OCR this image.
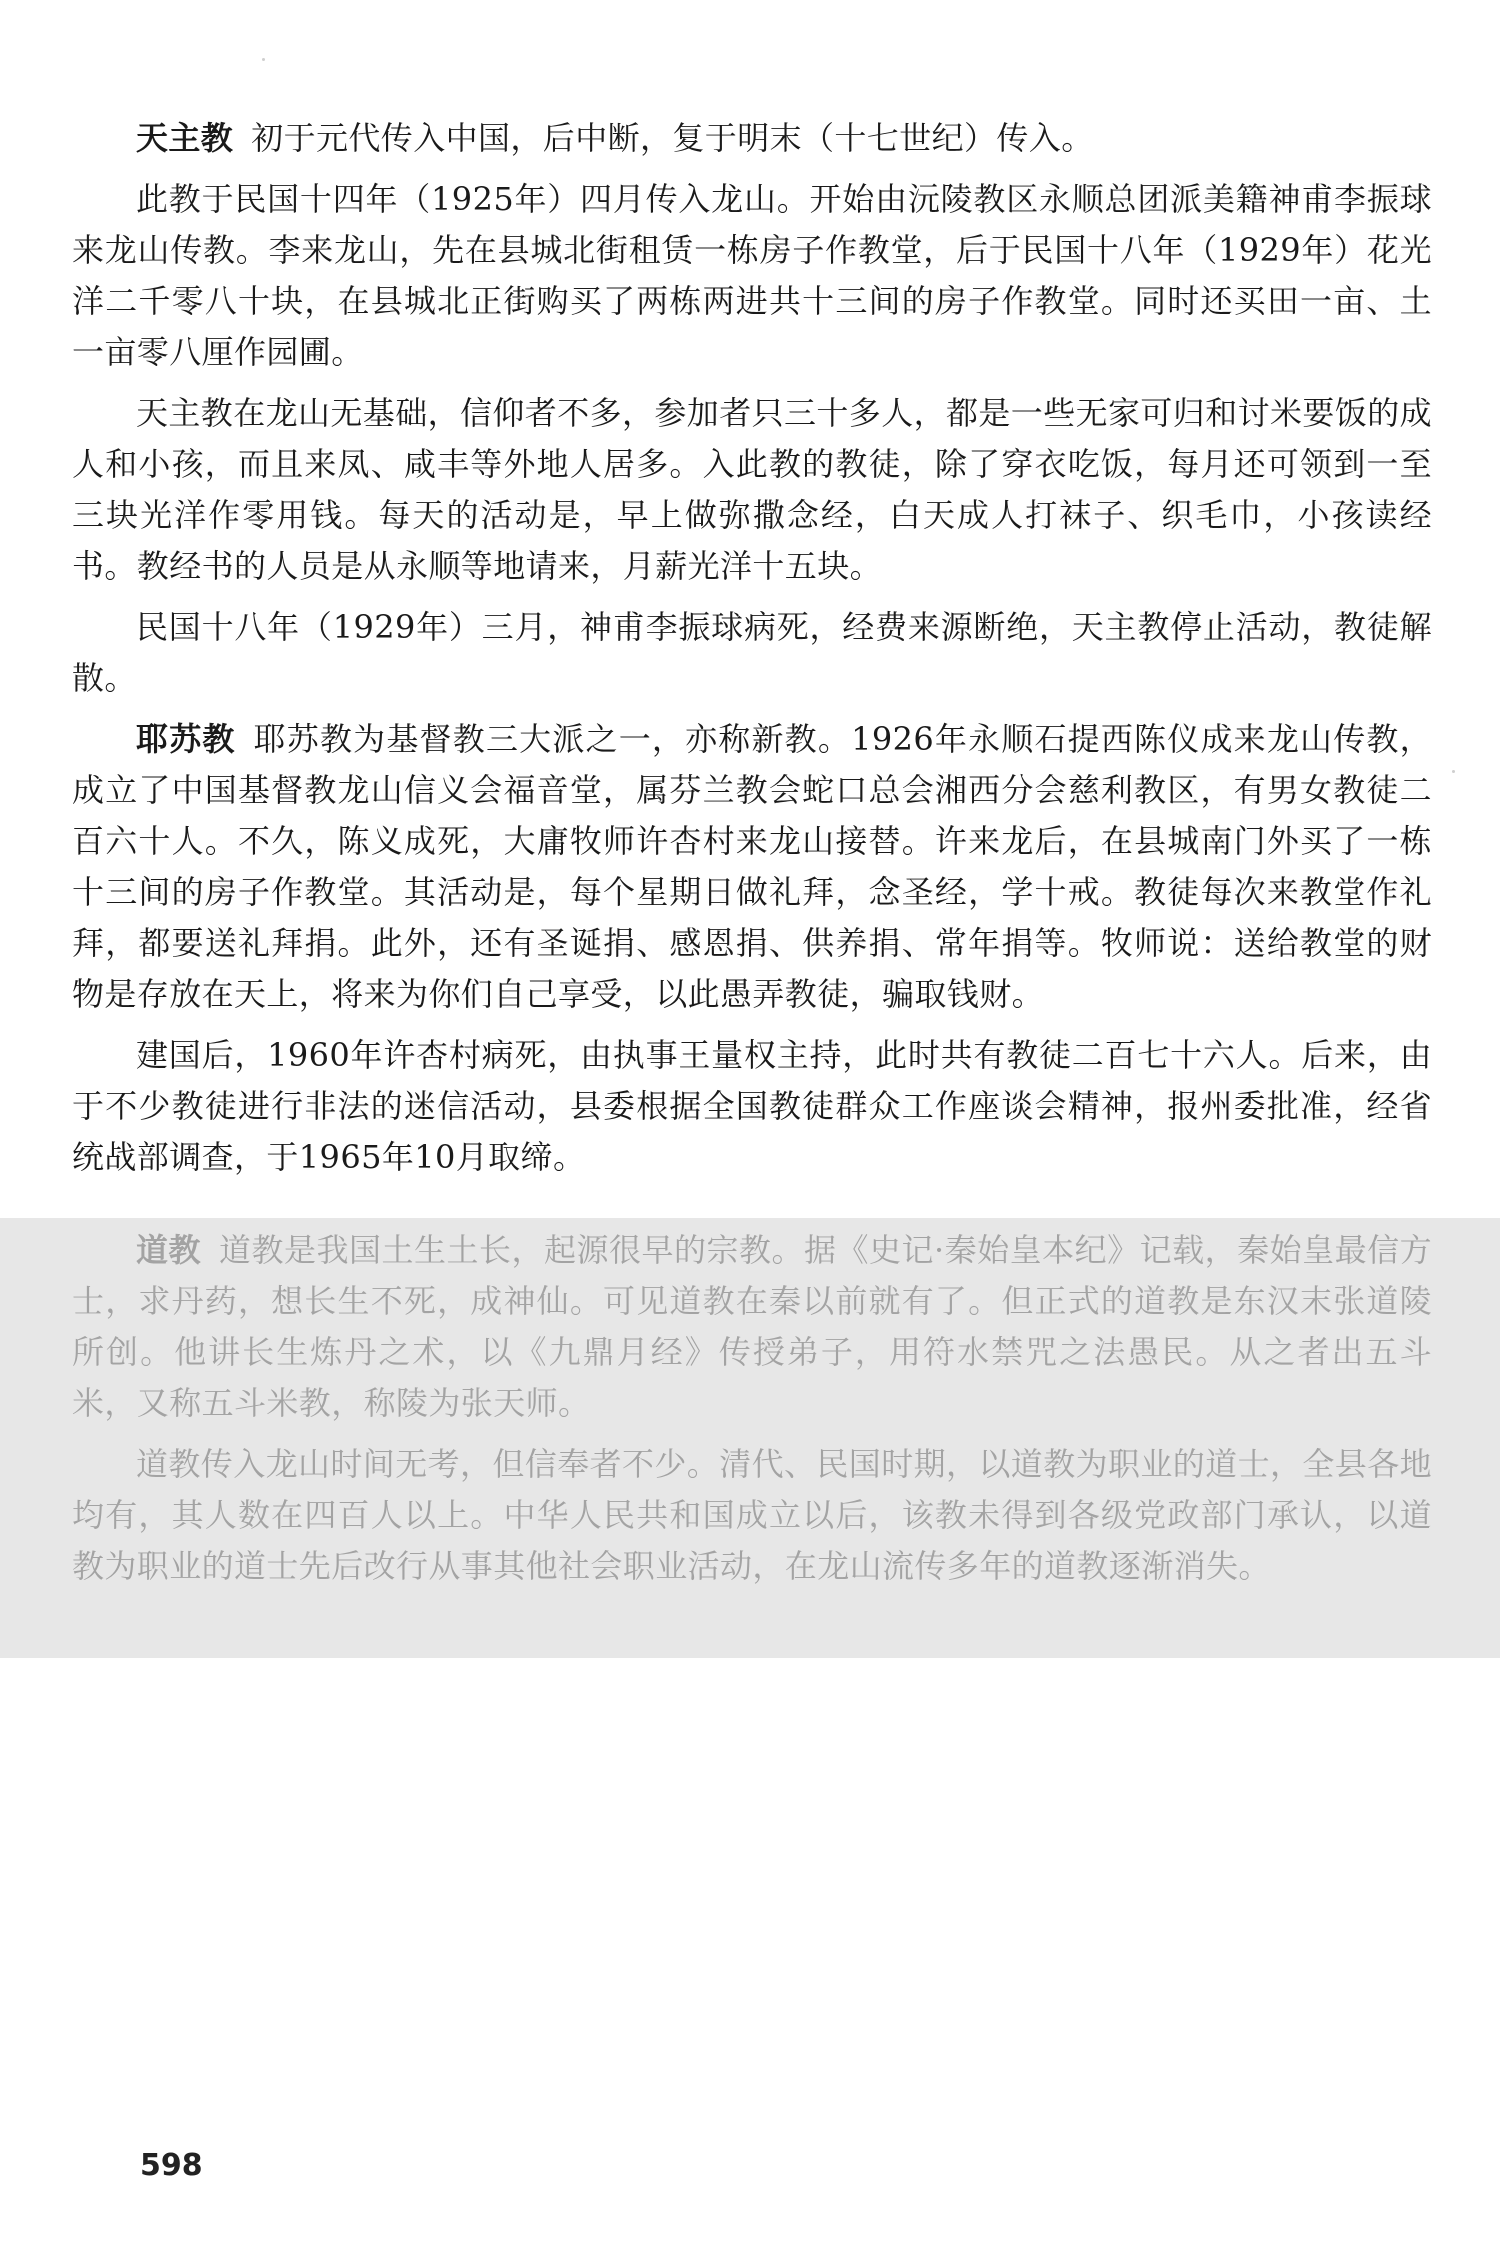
天主教 初于元代传入中国，后中断，复于明末（十七世纪）传入。

此教于民国十四年（1925年）四月传入龙山。开始由沅陵教区永顺总团派美籍神甫李振球来龙山传教。李来龙山，先在县城北街租赁一栋房子作教堂，后于民国十八年（1929年）花光洋二千零八十块，在县城北正街购买了两栋两进共十三间的房子作教堂。同时还买田一亩、土一亩零八厘作园圃。

天主教在龙山无基础，信仰者不多，参加者只三十多人，都是一些无家可归和讨米要饭的成人和小孩，而且来凤、咸丰等外地人居多。入此教的教徒，除了穿衣吃饭，每月还可领到一至三块光洋作零用钱。每天的活动是，早上做弥撒念经，白天成人打袜子、织毛巾，小孩读经书。教经书的人员是从永顺等地请来，月薪光洋十五块。

民国十八年（1929年）三月，神甫李振球病死，经费来源断绝，天主教停止活动，教徒解散。

耶苏教 耶苏教为基督教三大派之一，亦称新教。1926年永顺石提西陈仪成来龙山传教，成立了中国基督教龙山信义会福音堂，属芬兰教会蛇口总会湘西分会慈利教区，有男女教徒二百六十人。不久，陈义成死，大庸牧师许杏村来龙山接替。许来龙后，在县城南门外买了一栋十三间的房子作教堂。其活动是，每个星期日做礼拜，念圣经，学十戒。教徒每次来教堂作礼拜，都要送礼拜捐。此外，还有圣诞捐、感恩捐、供养捐、常年捐等。牧师说：送给教堂的财物是存放在天上，将来为你们自己享受，以此愚弄教徒，骗取钱财。

建国后，1960年许杏村病死，由执事王量权主持，此时共有教徒二百七十六人。后来，由于不少教徒进行非法的迷信活动，县委根据全国教徒群众工作座谈会精神，报州委批准，经省统战部调查，于1965年10月取缔。

道教 道教是我国土生土长，起源很早的宗教。据《史记·秦始皇本纪》记载，秦始皇最信方士，求丹药，想长生不死，成神仙。可见道教在秦以前就有了。但正式的道教是东汉末张道陵所创。他讲长生炼丹之术，以《九鼎月经》传授弟子，用符水禁咒之法愚民。从之者出五斗米，又称五斗米教，称陵为张天师。

道教传入龙山时间无考，但信奉者不少。清代、民国时期，以道教为职业的道士，全县各地均有，其人数在四百人以上。中华人民共和国成立以后，该教未得到各级党政部门承认，以道教为职业的道士先后改行从事其他社会职业活动，在龙山流传多年的道教逐渐消失。

598
